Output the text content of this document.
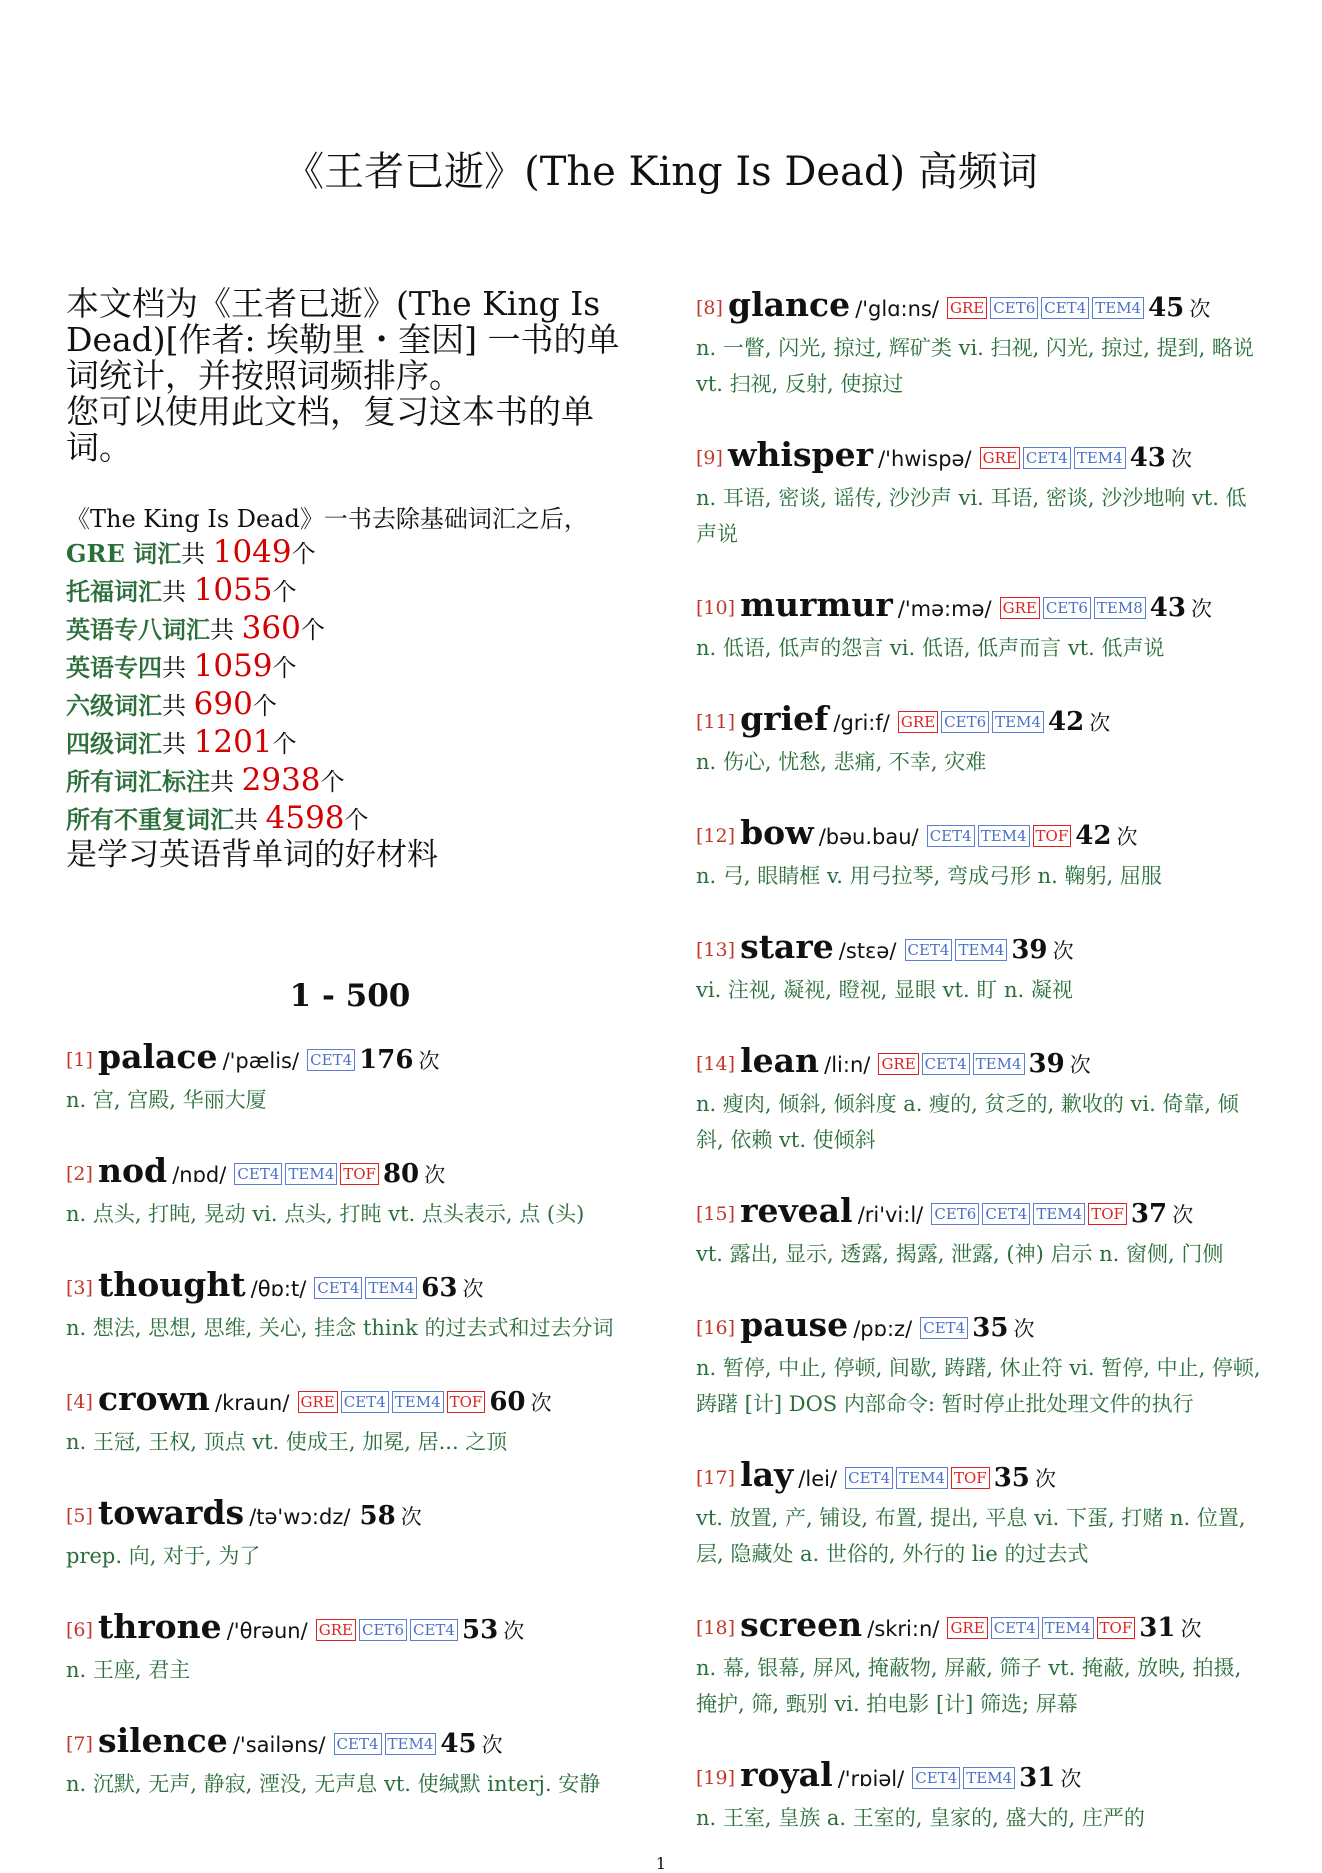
《王者已逝》(The King Is Dead) 高频词
本文档为《王者已逝》(The King Is
Dead)[作者: 埃勒里・奎因] 一书的单
词统计，并按照词频排序。
您可以使用此文档，复习这本书的单
词。
《The King Is Dead》一书去除基础词汇之后，
GRE 词汇共 1049个
托福词汇共 1055个
英语专八词汇共 360个
英语专四共 1059个
六级词汇共 690个
四级词汇共 1201个
所有词汇标注共 2938个
所有不重复词汇共 4598个
是学习英语背单词的好材料
1 - 500
[1] palace /'pælis/ CET4 176 次
n. 宫, 宫殿, 华丽大厦
[2] nod /nɒd/ CET4 TEM4 TOF 80 次
n. 点头, 打盹, 晃动 vi. 点头, 打盹 vt. 点头表示, 点 (头)
[3] thought /θɒ:t/ CET4 TEM4 63 次
n. 想法, 思想, 思维, 关心, 挂念 think 的过去式和过去分词
[4] crown /kraun/ GRE CET4 TEM4 TOF 60 次
n. 王冠, 王权, 顶点 vt. 使成王, 加冕, 居... 之顶
[5] towards /tə'wɔ:dz/ 58 次
prep. 向, 对于, 为了
[6] throne /'θrəun/ GRE CET6 CET4 53 次
n. 王座, 君主
[7] silence /'sailəns/ CET4 TEM4 45 次
n. 沉默, 无声, 静寂, 湮没, 无声息 vt. 使缄默 interj. 安静
[8] glance /'glɑ:ns/ GRE CET6 CET4 TEM4 45 次
n. 一瞥, 闪光, 掠过, 辉矿类 vi. 扫视, 闪光, 掠过, 提到, 略说 vt. 扫视, 反射, 使掠过
[9] whisper /'hwispə/ GRE CET4 TEM4 43 次
n. 耳语, 密谈, 谣传, 沙沙声 vi. 耳语, 密谈, 沙沙地响 vt. 低声说
[10] murmur /'mə:mə/ GRE CET6 TEM8 43 次
n. 低语, 低声的怨言 vi. 低语, 低声而言 vt. 低声说
[11] grief /gri:f/ GRE CET6 TEM4 42 次
n. 伤心, 忧愁, 悲痛, 不幸, 灾难
[12] bow /bəu.bau/ CET4 TEM4 TOF 42 次
n. 弓, 眼睛框 v. 用弓拉琴, 弯成弓形 n. 鞠躬, 屈服
[13] stare /stɛə/ CET4 TEM4 39 次
vi. 注视, 凝视, 瞪视, 显眼 vt. 盯 n. 凝视
[14] lean /li:n/ GRE CET4 TEM4 39 次
n. 瘦肉, 倾斜, 倾斜度 a. 瘦的, 贫乏的, 歉收的 vi. 倚靠, 倾斜, 依赖 vt. 使倾斜
[15] reveal /ri'vi:l/ CET6 CET4 TEM4 TOF 37 次
vt. 露出, 显示, 透露, 揭露, 泄露, (神) 启示 n. 窗侧, 门侧
[16] pause /pɒ:z/ CET4 35 次
n. 暂停, 中止, 停顿, 间歇, 踌躇, 休止符 vi. 暂停, 中止, 停顿, 踌躇 [计] DOS 内部命令: 暂时停止批处理文件的执行
[17] lay /lei/ CET4 TEM4 TOF 35 次
vt. 放置, 产, 铺设, 布置, 提出, 平息 vi. 下蛋, 打赌 n. 位置, 层, 隐藏处 a. 世俗的, 外行的 lie 的过去式
[18] screen /skri:n/ GRE CET4 TEM4 TOF 31 次
n. 幕, 银幕, 屏风, 掩蔽物, 屏蔽, 筛子 vt. 掩蔽, 放映, 拍摄, 掩护, 筛, 甄别 vi. 拍电影 [计] 筛选; 屏幕
[19] royal /'rɒiəl/ CET4 TEM4 31 次
n. 王室, 皇族 a. 王室的, 皇家的, 盛大的, 庄严的
1
